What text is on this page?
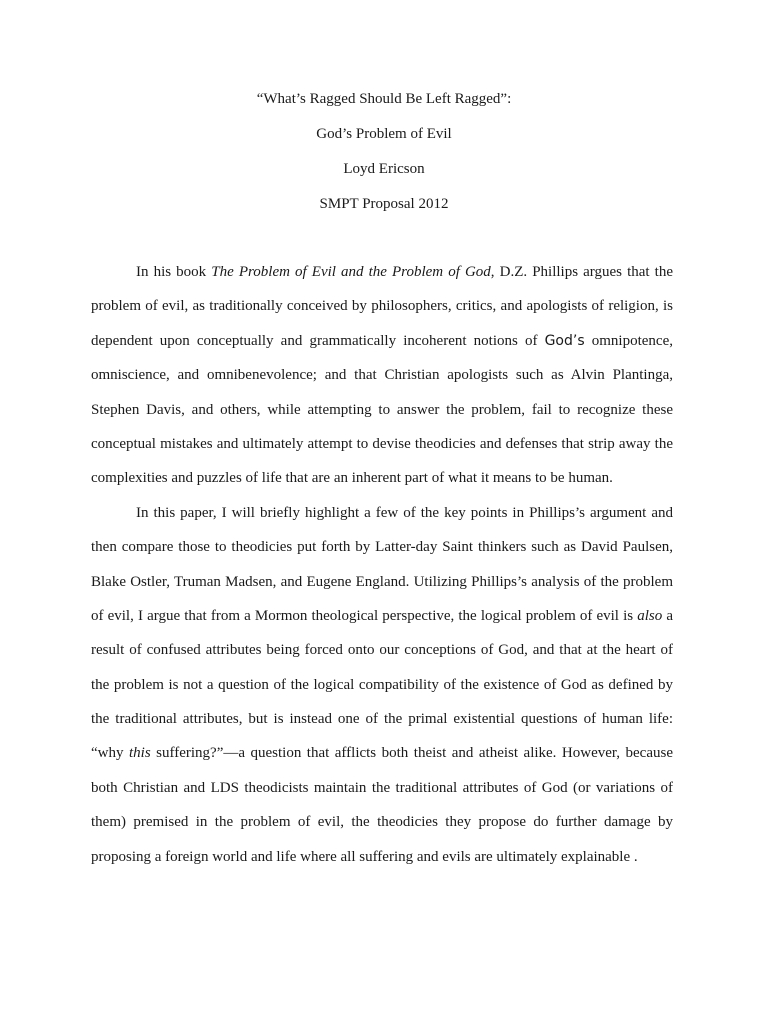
“What’s Ragged Should Be Left Ragged”:
God’s Problem of Evil
Loyd Ericson
SMPT Proposal 2012
In his book The Problem of Evil and the Problem of God, D.Z. Phillips argues that the
problem of evil, as traditionally conceived by philosophers, critics, and apologists of religion, is
dependent upon conceptually and grammatically incoherent notions of God’s omnipotence,
omniscience, and omnibenevolence; and that Christian apologists such as Alvin Plantinga,
Stephen Davis, and others, while attempting to answer the problem, fail to recognize these
conceptual mistakes and ultimately attempt to devise theodicies and defenses that strip away the
complexities and puzzles of life that are an inherent part of what it means to be human.
In this paper, I will briefly highlight a few of the key points in Phillips’s argument and
then compare those to theodicies put forth by Latter-day Saint thinkers such as David Paulsen,
Blake Ostler, Truman Madsen, and Eugene England. Utilizing Phillips’s analysis of the problem
of evil, I argue that from a Mormon theological perspective, the logical problem of evil is also a
result of confused attributes being forced onto our conceptions of God, and that at the heart of
the problem is not a question of the logical compatibility of the existence of God as defined by
the traditional attributes, but is instead one of the primal existential questions of human life:
“why this suffering?”—a question that afflicts both theist and atheist alike. However, because
both Christian and LDS theodicists maintain the traditional attributes of God (or variations of
them) premised in the problem of evil, the theodicies they propose do further damage by
proposing a foreign world and life where all suffering and evils are ultimately explainable .
